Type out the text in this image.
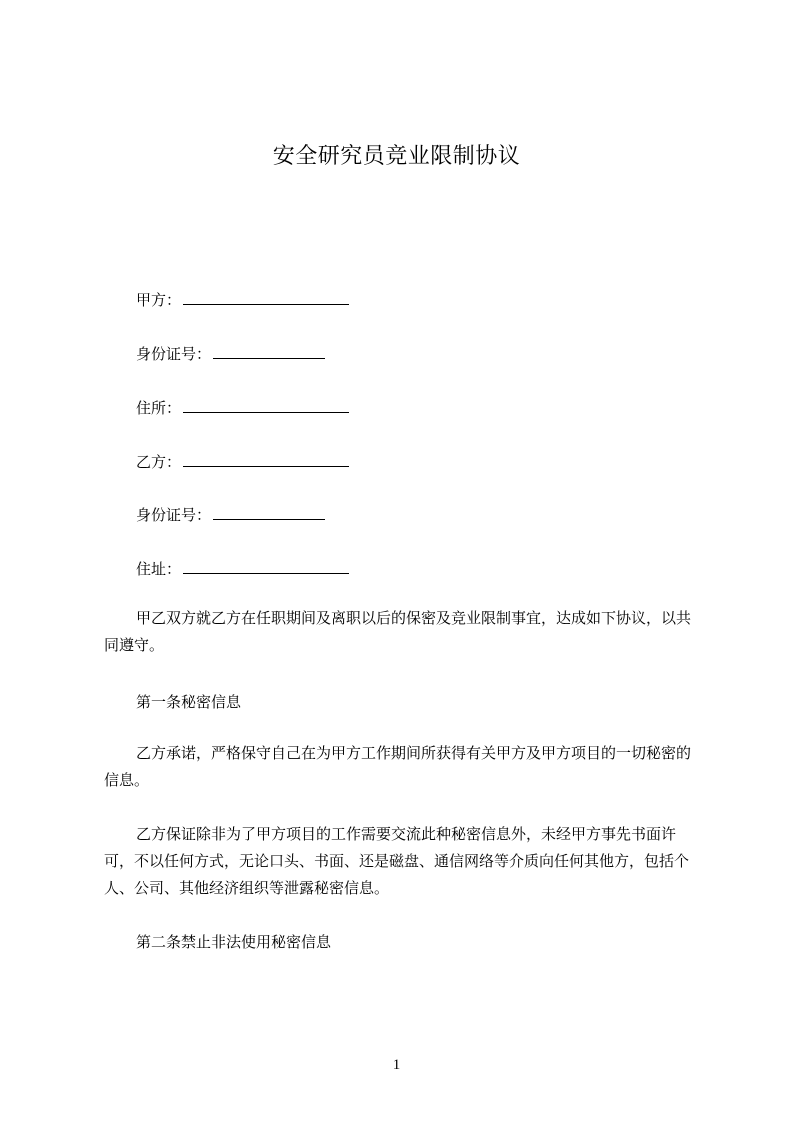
安全研究员竞业限制协议
甲方：
身份证号：
住所：
乙方：
身份证号：
住址：
甲乙双方就乙方在任职期间及离职以后的保密及竞业限制事宜，达成如下协议，以共同遵守。
第一条秘密信息
乙方承诺，严格保守自己在为甲方工作期间所获得有关甲方及甲方项目的一切秘密的信息。
乙方保证除非为了甲方项目的工作需要交流此种秘密信息外，未经甲方事先书面许可，不以任何方式，无论口头、书面、还是磁盘、通信网络等介质向任何其他方，包括个人、公司、其他经济组织等泄露秘密信息。
第二条禁止非法使用秘密信息
1
